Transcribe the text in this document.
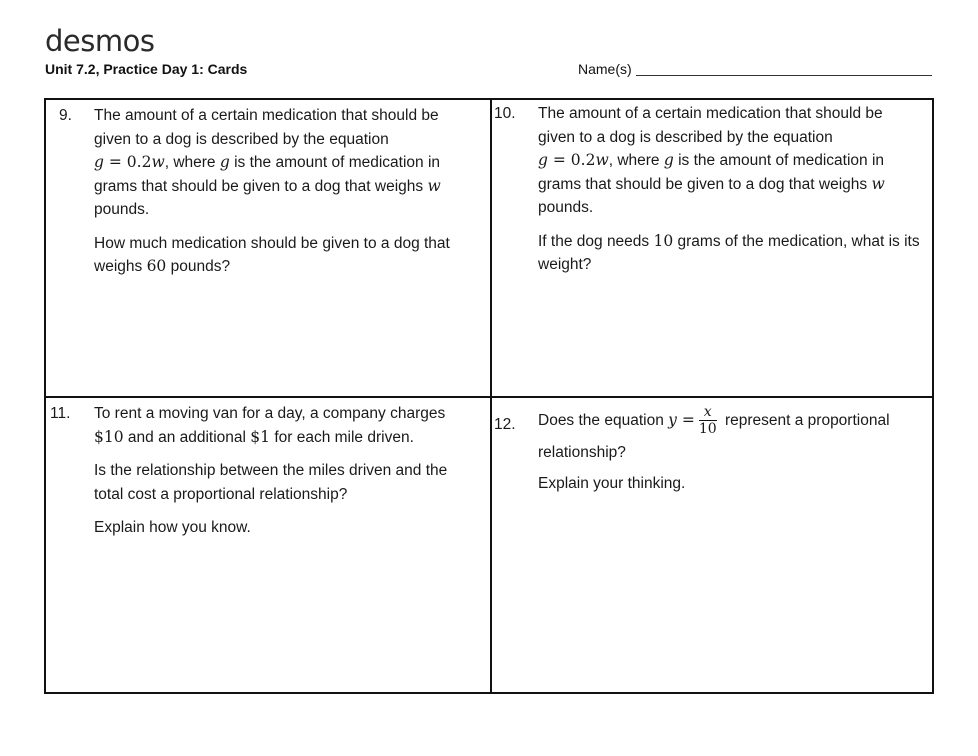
desmos
Unit 7.2, Practice Day 1: Cards	Name(s)
9. The amount of a certain medication that should be given to a dog is described by the equation
g = 0.2w, where g is the amount of medication in grams that should be given to a dog that weighs w pounds.

How much medication should be given to a dog that weighs 60 pounds?

10. The amount of a certain medication that should be given to a dog is described by the equation
g = 0.2w, where g is the amount of medication in grams that should be given to a dog that weighs w pounds.

If the dog needs 10 grams of the medication, what is its weight?

11. To rent a moving van for a day, a company charges $10 and an additional $1 for each mile driven.

Is the relationship between the miles driven and the total cost a proportional relationship?

Explain how you know.

12. Does the equation $y = \frac{x}{10}$ represent a proportional relationship?

Explain your thinking.
